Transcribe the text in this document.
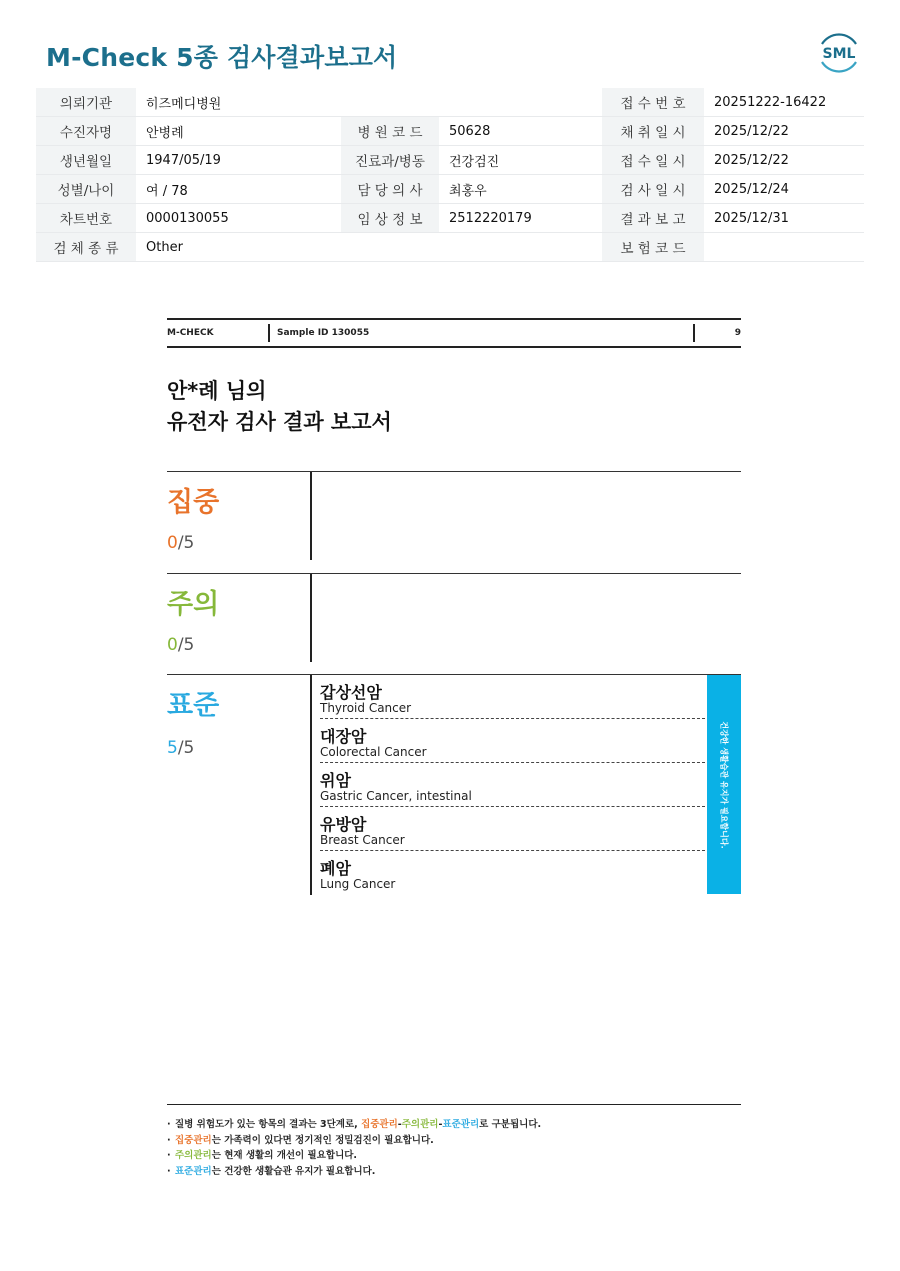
M-Check 5종 검사결과보고서	SML
의뢰기관	히즈메디병원			접 수 번 호	20251222-16422
수진자명	안병례	병 원 코 드	50628	채 취 일 시	2025/12/22
생년월일	1947/05/19	진료과/병동	건강검진	접 수 일 시	2025/12/22
성별/나이	여 / 78	담 당 의 사	최홍우	검 사 일 시	2025/12/24
차트번호	0000130055	임 상 정 보	2512220179	결 과 보 고	2025/12/31
검 체 종 류	Other			보 험 코 드	
M-CHECK	Sample ID 130055	9
안*례 님의
유전자 검사 결과 보고서
집중
0/5
주의
0/5
표준
5/5
갑상선암
Thyroid Cancer
대장암
Colorectal Cancer
위암
Gastric Cancer, intestinal
유방암
Breast Cancer
폐암
Lung Cancer
건강한 생활습관 유지가 필요합니다.
· 질병 위험도가 있는 항목의 결과는 3단계로, 집중관리-주의관리-표준관리로 구분됩니다.
· 집중관리는 가족력이 있다면 정기적인 정밀검진이 필요합니다.
· 주의관리는 현재 생활의 개선이 필요합니다.
· 표준관리는 건강한 생활습관 유지가 필요합니다.
